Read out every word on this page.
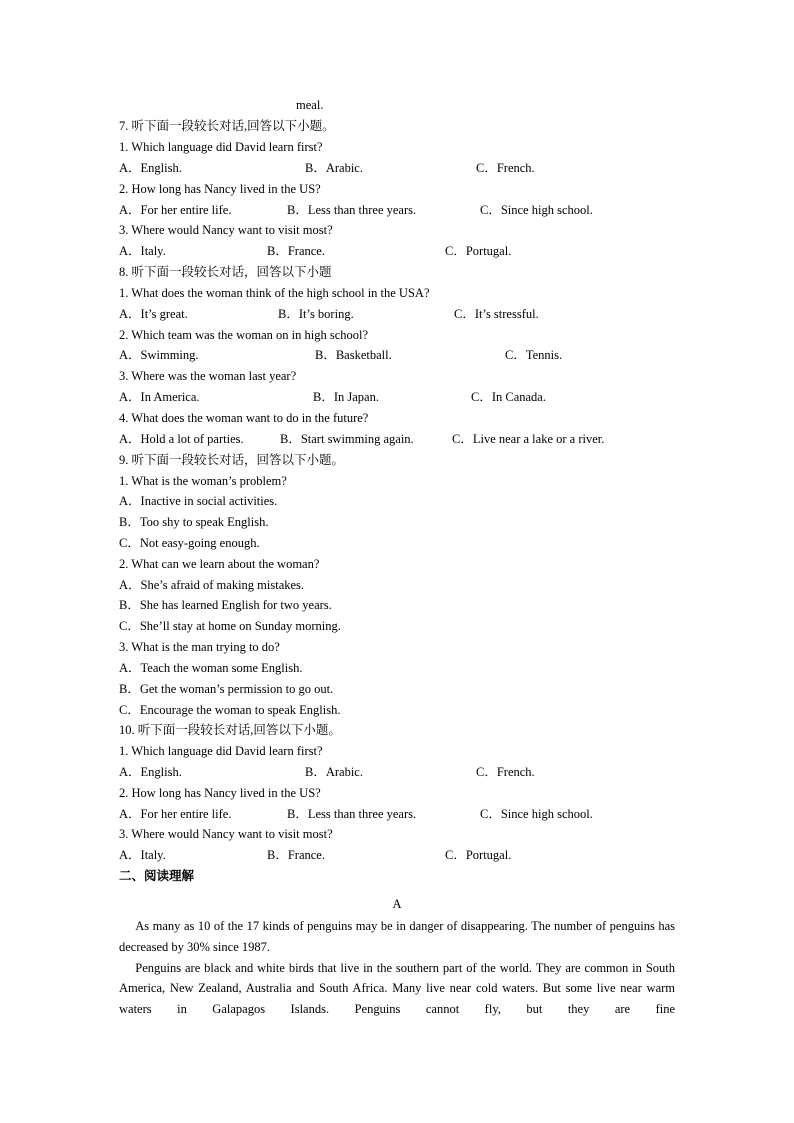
meal.
7. 听下面一段较长对话,回答以下小题。
1. Which language did David learn first?
A．English.	B．Arabic.	C．French.
2. How long has Nancy lived in the US?
A．For her entire life.	B．Less than three years.	C．Since high school.
3. Where would Nancy want to visit most?
A．Italy.	B．France.	C．Portugal.
8. 听下面一段较长对话，回答以下小题
1. What does the woman think of the high school in the USA?
A．It’s great.	B．It’s boring.	C．It’s stressful.
2. Which team was the woman on in high school?
A．Swimming.	B．Basketball.	C．Tennis.
3. Where was the woman last year?
A．In America.	B．In Japan.	C．In Canada.
4. What does the woman want to do in the future?
A．Hold a lot of parties.	B．Start swimming again.	C．Live near a lake or a river.
9. 听下面一段较长对话，回答以下小题。
1. What is the woman’s problem?
A．Inactive in social activities.
B．Too shy to speak English.
C．Not easy-going enough.
2. What can we learn about the woman?
A．She’s afraid of making mistakes.
B．She has learned English for two years.
C．She’ll stay at home on Sunday morning.
3. What is the man trying to do?
A．Teach the woman some English.
B．Get the woman’s permission to go out.
C．Encourage the woman to speak English.
10. 听下面一段较长对话,回答以下小题。
1. Which language did David learn first?
A．English.	B．Arabic.	C．French.
2. How long has Nancy lived in the US?
A．For her entire life.	B．Less than three years.	C．Since high school.
3. Where would Nancy want to visit most?
A．Italy.	B．France.	C．Portugal.
二、阅读理解
A

As many as 10 of the 17 kinds of penguins may be in danger of disappearing. The number of penguins has decreased by 30% since 1987.

Penguins are black and white birds that live in the southern part of the world. They are common in South America, New Zealand, Australia and South Africa. Many live near cold waters. But some live near warm waters in Galapagos Islands. Penguins cannot fly, but they are fine
